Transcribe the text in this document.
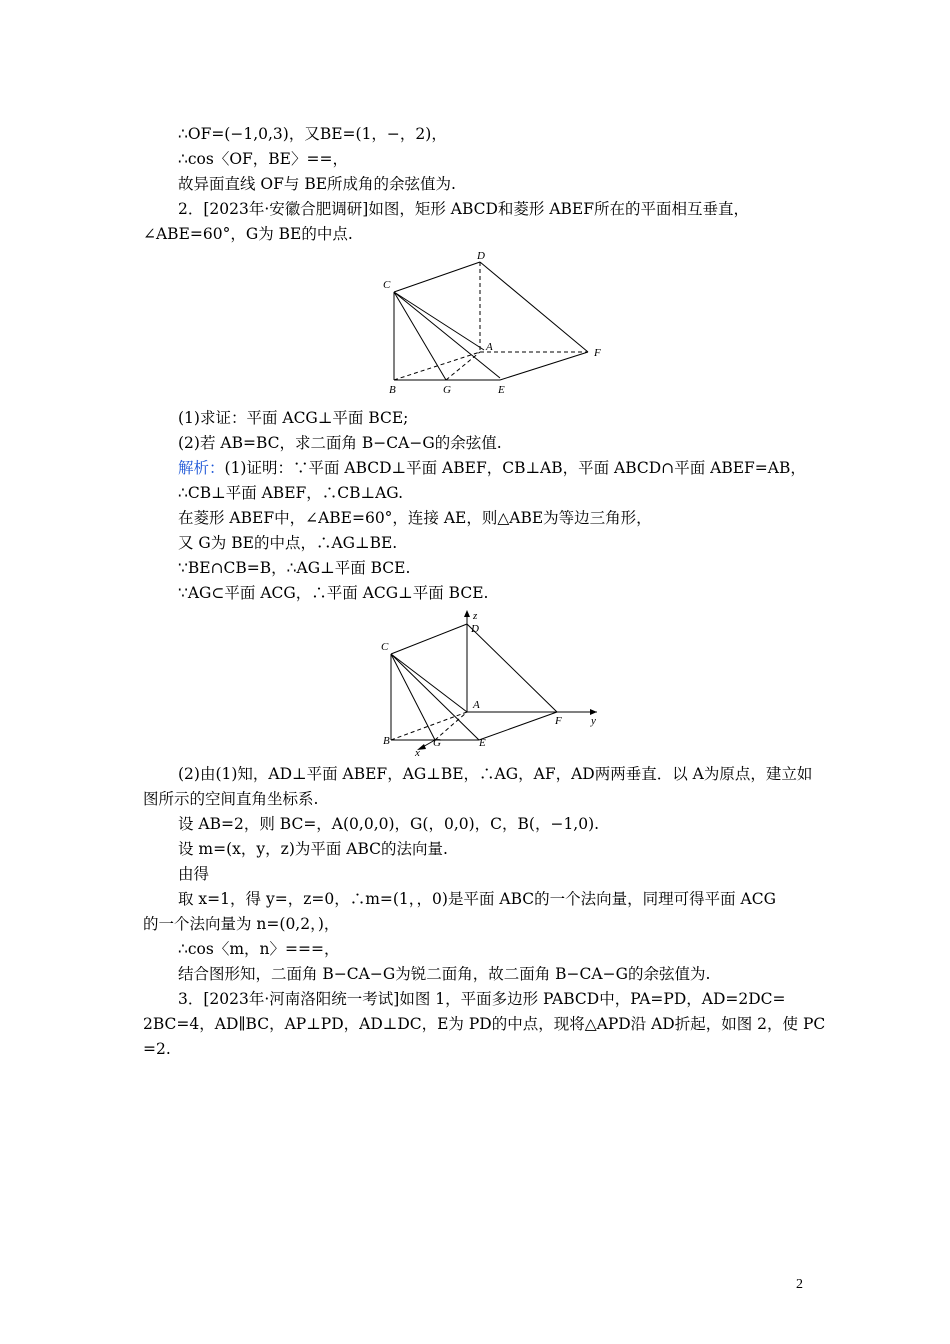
∴OF=(−1,0,3)，又BE=(1，−，2)，
∴cos〈OF，BE〉==，
故异面直线 OF与 BE所成角的余弦值为.
2．[2023年·安徽合肥调研]如图，矩形 ABCD和菱形 ABEF所在的平面相互垂直，
∠ABE=60°，G为 BE的中点.
C
D
A	F
B	G	E
(1)求证：平面 ACG⊥平面 BCE;
(2)若 AB=BC，求二面角 B−CA−G的余弦值.
解析：(1)证明：∵平面 ABCD⊥平面 ABEF，CB⊥AB，平面 ABCD∩平面 ABEF=AB，
∴CB⊥平面 ABEF，∴CB⊥AG.
在菱形 ABEF中，∠ABE=60°，连接 AE，则△ABE为等边三角形，
又 G为 BE的中点，∴AG⊥BE.
∵BE∩CB=B，∴AG⊥平面 BCE.
∵AG⊂平面 ACG，∴平面 ACG⊥平面 BCE.
C
D
z
A
F	y
B	G	E
x
(2)由(1)知，AD⊥平面 ABEF，AG⊥BE，∴AG，AF，AD两两垂直．以 A为原点，建立如
图所示的空间直角坐标系.
设 AB=2，则 BC=，A(0,0,0)，G(，0,0)，C，B(，−1,0).
设 m=(x，y，z)为平面 ABC的法向量.
由得
取 x=1，得 y=，z=0，∴m=(1，，0)是平面 ABC的一个法向量，同理可得平面 ACG
的一个法向量为 n=(0,2，)，
∴cos〈m，n〉===，
结合图形知，二面角 B−CA−G为锐二面角，故二面角 B−CA−G的余弦值为.
3．[2023年·河南洛阳统一考试]如图 1，平面多边形 PABCD中，PA=PD，AD=2DC=
2BC=4，AD∥BC，AP⊥PD，AD⊥DC，E为 PD的中点，现将△APD沿 AD折起，如图 2，使 PC
=2.
2
